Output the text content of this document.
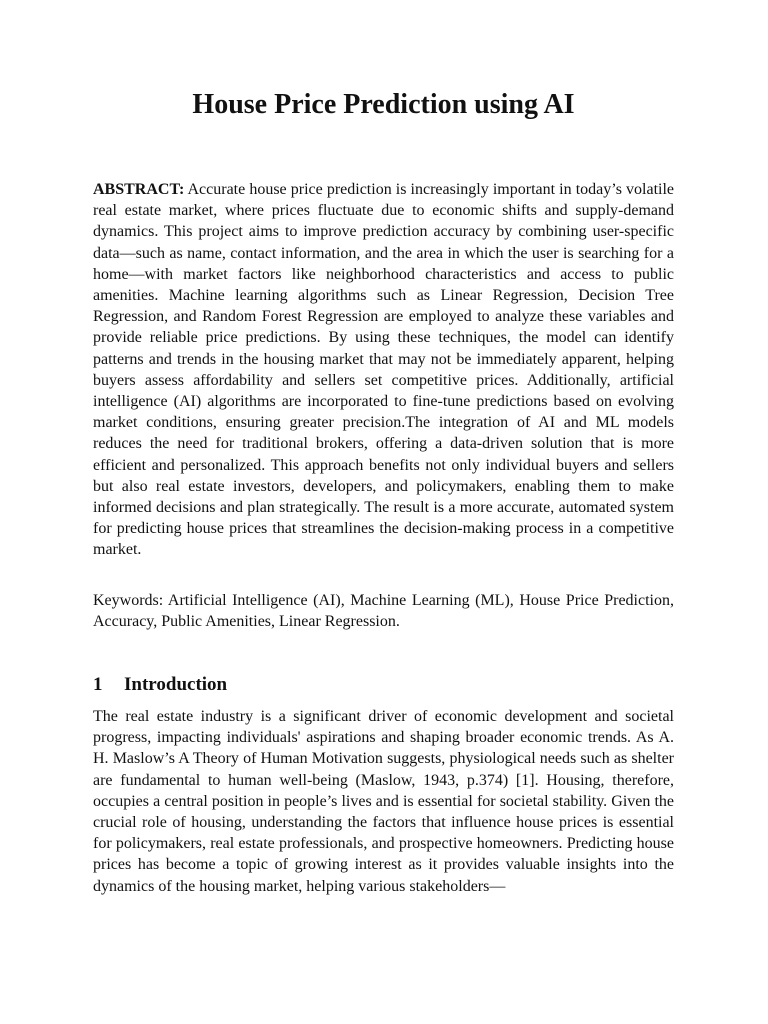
House Price Prediction using AI

ABSTRACT: Accurate house price prediction is increasingly important in today’s volatile real estate market, where prices fluctuate due to economic shifts and supply-demand dynamics. This project aims to improve prediction accuracy by combining user-specific data—such as name, contact information, and the area in which the user is searching for a home—with market factors like neighborhood characteristics and access to public amenities. Machine learning algorithms such as Linear Regression, Decision Tree Regression, and Random Forest Regression are employed to analyze these variables and provide reliable price predictions. By using these techniques, the model can identify patterns and trends in the housing market that may not be immediately apparent, helping buyers assess affordability and sellers set competitive prices. Additionally, artificial intelligence (AI) algorithms are incorporated to fine-tune predictions based on evolving market conditions, ensuring greater precision.The integration of AI and ML models reduces the need for traditional brokers, offering a data-driven solution that is more efficient and personalized. This approach benefits not only individual buyers and sellers but also real estate investors, developers, and policymakers, enabling them to make informed decisions and plan strategically. The result is a more accurate, automated system for predicting house prices that streamlines the decision-making process in a competitive market.

Keywords: Artificial Intelligence (AI), Machine Learning (ML), House Price Prediction, Accuracy, Public Amenities, Linear Regression.

1 Introduction

The real estate industry is a significant driver of economic development and societal progress, impacting individuals' aspirations and shaping broader economic trends. As A. H. Maslow’s A Theory of Human Motivation suggests, physiological needs such as shelter are fundamental to human well-being (Maslow, 1943, p.374) [1]. Housing, therefore, occupies a central position in people’s lives and is essential for societal stability. Given the crucial role of housing, understanding the factors that influence house prices is essential for policymakers, real estate professionals, and prospective homeowners. Predicting house prices has become a topic of growing interest as it provides valuable insights into the dynamics of the housing market, helping various stakeholders—
